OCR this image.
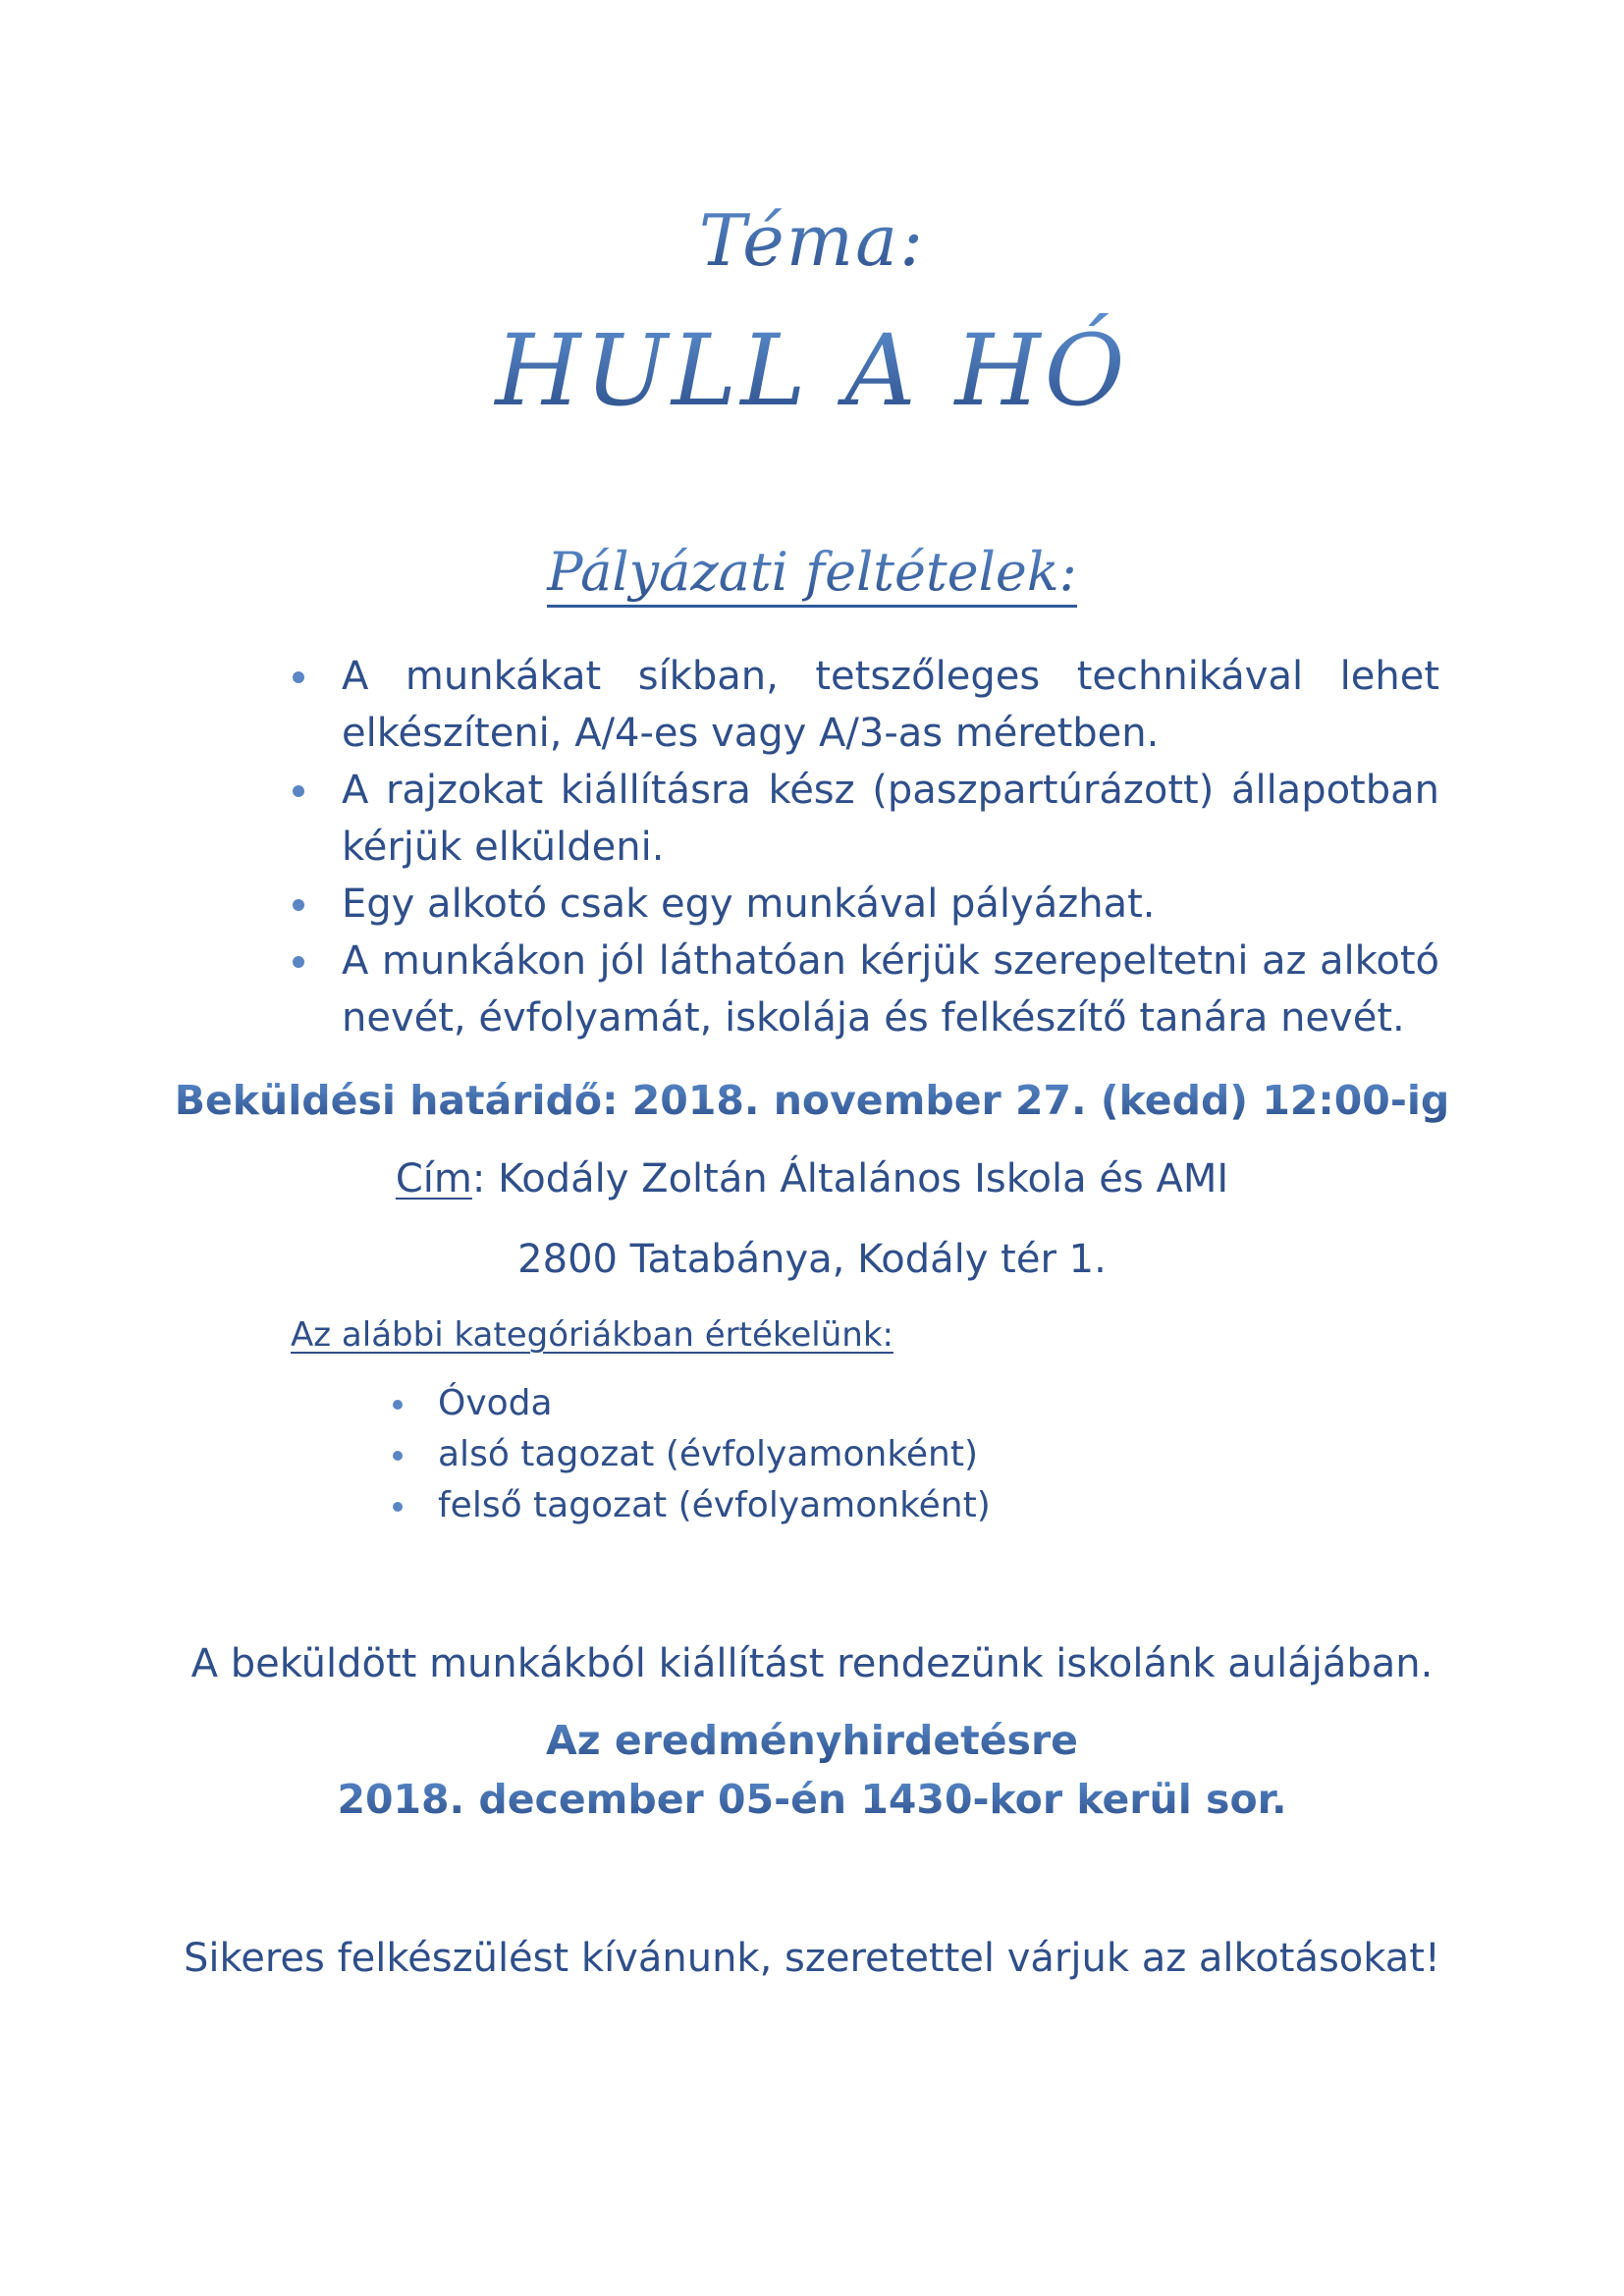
Téma:
HULL A HÓ
Pályázati feltételek:
A munkákat síkban, tetszőleges technikával lehet elkészíteni, A/4-es vagy A/3-as méretben.
A rajzokat kiállításra kész (paszpartúrázott) állapotban kérjük elküldeni.
Egy alkotó csak egy munkával pályázhat.
A munkákon jól láthatóan kérjük szerepeltetni az alkotó nevét, évfolyamát, iskolája és felkészítő tanára nevét.
Beküldési határidő: 2018. november 27. (kedd) 12:00-ig
Cím: Kodály Zoltán Általános Iskola és AMI
2800 Tatabánya, Kodály tér 1.
Az alábbi kategóriákban értékelünk:
Óvoda
alsó tagozat (évfolyamonként)
felső tagozat (évfolyamonként)
A beküldött munkákból kiállítást rendezünk iskolánk aulájában.
Az eredményhirdetésre
2018. december 05-én 1430-kor kerül sor.
Sikeres felkészülést kívánunk, szeretettel várjuk az alkotásokat!
